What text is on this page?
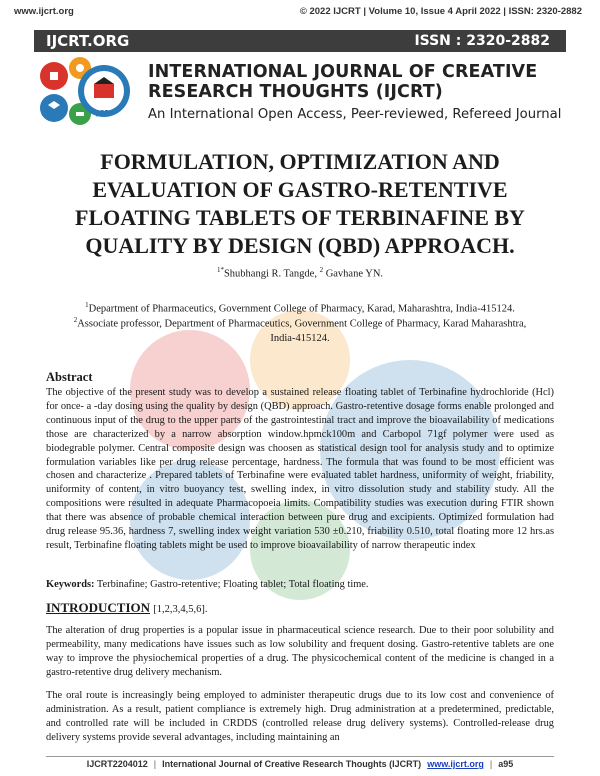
www.ijcrt.org	© 2022 IJCRT | Volume 10, Issue 4 April 2022 | ISSN: 2320-2882
IJCRT.ORG	ISSN : 2320-2882
IJCRT
INTERNATIONAL JOURNAL OF CREATIVE
RESEARCH THOUGHTS (IJCRT)
An International Open Access, Peer-reviewed, Refereed Journal
FORMULATION, OPTIMIZATION AND
EVALUATION OF GASTRO-RETENTIVE
FLOATING TABLETS OF TERBINAFINE BY
QUALITY BY DESIGN (QBD) APPROACH.
$^{1*}$Shubhangi R. Tangde, $^2$ Gavhane YN.
$^1$Department of Pharmaceutics, Government College of Pharmacy, Karad, Maharashtra, India-415124.
$^2$Associate professor, Department of Pharmaceutics, Government College of Pharmacy, Karad Maharashtra,
India-415124.
Abstract
The objective of the present study was to develop a sustained release floating tablet of Terbinafine hydrochloride (Hcl) for once- a -day dosing using the quality by design (QBD) approach. Gastro-retentive dosage forms enable prolonged and continuous input of the drug to the upper parts of the gastrointestinal tract and improve the bioavailability of medications those are characterized by a narrow absorption window.hpmck100m and Carbopol 71gf polymer were used as biodegrable polymer. Central composite design was choosen as statistical design tool for analysis study and to optimize formulation variables like per drug release percentage, hardness. The formula that was found to be most efficient was chosen and characterize . Prepared tablets of Terbinafine were evaluated tablet hardness, uniformity of weight, friability, uniformity of content, in vitro buoyancy test, swelling index, in vitro dissolution study and stability study. All the compositions were resulted in adequate Pharmacopoeia limits. Compatibility studies was execution during FTIR shown that there was absence of probable chemical interaction between pure drug and excipients. Optimized formulation had drug release 95.36, hardness 7, swelling index weight variation 530 ±0.210, friability 0.510, total floating more 12 hrs.as result, Terbinafine floating tablets might be used to improve bioavailability of narrow therapeutic index
Keywords: Terbinafine; Gastro-retentive; Floating tablet; Total floating time.
INTRODUCTION [1,2,3,4,5,6].
The alteration of drug properties is a popular issue in pharmaceutical science research. Due to their poor solubility and permeability, many medications have issues such as low solubility and frequent dosing. Gastro-retentive tablets are one way to improve the physiochemical properties of a drug. The physicochemical content of the medicine is changed in a gastro-retentive drug delivery mechanism.
The oral route is increasingly being employed to administer therapeutic drugs due to its low cost and convenience of administration. As a result, patient compliance is extremely high. Drug administration at a predetermined, predictable, and controlled rate will be included in CRDDS (controlled release drug delivery systems). Controlled-release drug delivery systems provide several advantages, including maintaining an
IJCRT2204012 | International Journal of Creative Research Thoughts (IJCRT) www.ijcrt.org | a95
